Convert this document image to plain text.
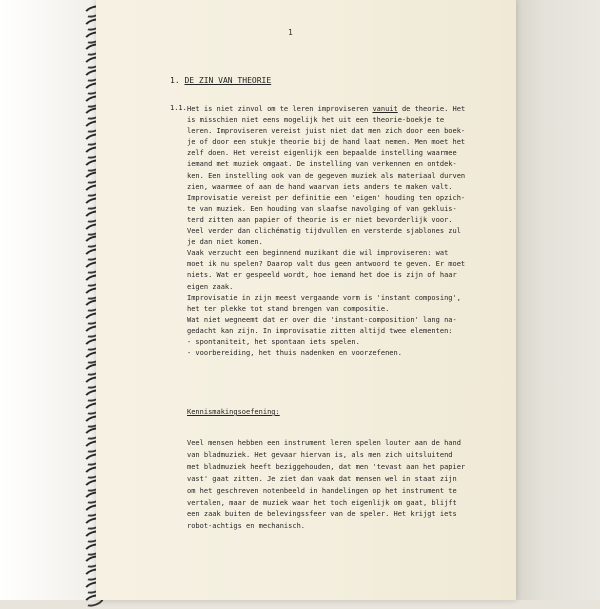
1
1. DE ZIN VAN THEORIE
1.1. Het is niet zinvol om te leren improviseren vanuit de theorie. Het
is misschien niet eens mogelijk het uit een theorie-boekje te
leren. Improviseren vereist juist niet dat men zich door een boek-
je of door een stukje theorie bij de hand laat nemen. Men moet het
zelf doen. Het vereist eigenlijk een bepaalde instelling waarmee
iemand met muziek omgaat. De instelling van verkennen en ontdek-
ken. Een instelling ook van de gegeven muziek als materiaal durven
zien, waarmee of aan de hand waarvan iets anders te maken valt.
Improvisatie vereist per definitie een 'eigen' houding ten opzich-
te van muziek. Een houding van slaafse navolging of van gekluis-
terd zitten aan papier of theorie is er niet bevorderlijk voor.
Veel verder dan clichématig tijdvullen en versterde sjablones zul
je dan niet komen.
Vaak verzucht een beginnend muzikant die wil improviseren: wat
moet ik nu spelen? Daarop valt dus geen antwoord te geven. Er moet
niets. Wat er gespeeld wordt, hoe iemand het doe is zijn of haar
eigen zaak.
Improvisatie in zijn meest vergaande vorm is 'instant composing',
het ter plekke tot stand brengen van compositie.
Wat niet wegneemt dat er over die 'instant-composition' lang na-
gedacht kan zijn. In improvisatie zitten altijd twee elementen:
- spontaniteit, het spontaan iets spelen.
- voorbereiding, het thuis nadenken en voorzefenen.
Kennismakingsoefening:
Veel mensen hebben een instrument leren spelen louter aan de hand
van bladmuziek. Het gevaar hiervan is, als men zich uitsluitend
met bladmuziek heeft beziggehouden, dat men 'tevast aan het papier
vast' gaat zitten. Je ziet dan vaak dat mensen wel in staat zijn
om het geschreven notenbeeld in handelingen op het instrument te
vertalen, maar de muziek waar het toch eigenlijk om gaat, blijft
een zaak buiten de belevingssfeer van de speler. Het krijgt iets
robot-achtigs en mechanisch.
